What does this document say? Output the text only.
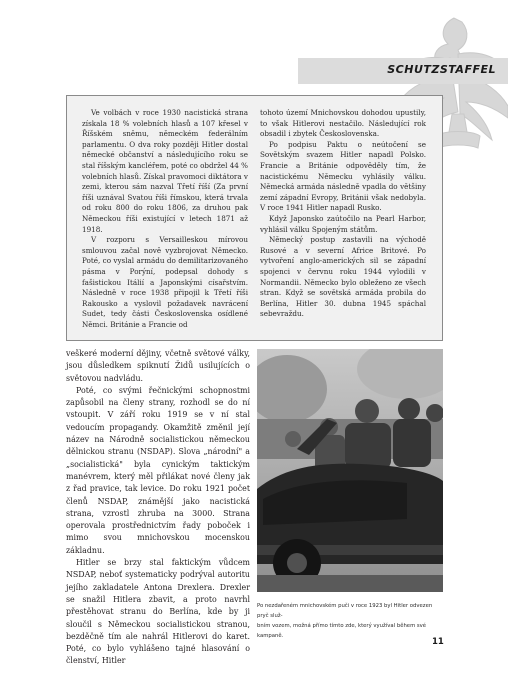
SCHUTZSTAFFEL

Ve volbách v roce 1930 nacistická strana získala 18 % volebních hlasů a 107 křesel v Říšském sněmu, německém federálním parlamentu. O dva roky později Hitler dostal německé občanství a následujícího roku se stal říšským kancléřem, poté co obdržel 44 % volebních hlasů. Získal pravomoci diktátora v zemi, kterou sám nazval Třetí říší (Za první říši uznával Svatou říši římskou, která trvala od roku 800 do roku 1806, za druhou pak Německou říši existující v letech 1871 až 1918.

V rozporu s Versailleskou mírovou smlouvou začal nově vyzbrojovat Německo. Poté, co vyslal armádu do demilitarizovaného pásma v Porýní, podepsal dohody s fašistickou Itálií a Japonskými císařstvím. Následně v roce 1938 připojil k Třetí říši Rakousko a vyslovil požadavek navrácení Sudet, tedy části Československa osídlené Němci. Británie a Francie od

tohoto území Mnichovskou dohodou upustily, to však Hitlerovi nestačilo. Následující rok obsadil i zbytek Československa.

Po podpisu Paktu o neútočení se Sovětským svazem Hitler napadl Polsko. Francie a Británie odpověděly tím, že nacistickému Německu vyhlásily válku. Německá armáda následně vpadla do většiny zemí západní Evropy, Británii však nedobyla. V roce 1941 Hitler napadl Rusko.

Když Japonsko zaútočilo na Pearl Harbor, vyhlásil válku Spojeným státům.

Německý postup zastavili na východě Rusové a v severní Africe Britové. Po vytvoření anglo-amerických sil se západní spojenci v červnu roku 1944 vylodili v Normandii. Německo bylo obleženo ze všech stran. Když se sovětská armáda probila do Berlína, Hitler 30. dubna 1945 spáchal sebevraždu.

veškeré moderní dějiny, včetně světové války, jsou důsledkem spiknutí Židů usilujících o světovou nadvládu.

Poté, co svými řečnickými schopnostmi zapůsobil na členy strany, rozhodl se do ní vstoupit. V září roku 1919 se v ní stal vedoucím propagandy. Okamžitě změnil její název na Národně socialistickou německou dělnickou stranu (NSDAP). Slova „národní" a „socialistická" byla cynickým taktickým manévrem, který měl přilákat nové členy jak z řad pravice, tak levice. Do roku 1921 počet členů NSDAP, známější jako nacistická strana, vzrostl zhruba na 3000. Strana operovala prostřednictvím řady poboček i mimo svou mnichovskou mocenskou základnu.

Hitler se brzy stal faktickým vůdcem NSDAP, neboť systematicky podrýval autoritu jejího zakladatele Antona Drexlera. Drexler se snažil Hitlera zbavit, a proto navrhl přestěhovat stranu do Berlína, kde by ji sloučil s Německou socialistickou stranou, bezděčně tím ale nahrál Hitlerovi do karet. Poté, co bylo vyhlášeno tajné hlasování o členství, Hitler

Po nezdařeném mnichovském puči v roce 1923 byl Hitler odvezen pryč služ-
bním vozem, možná přímo tímto zde, který využíval během své kampaně.
11
